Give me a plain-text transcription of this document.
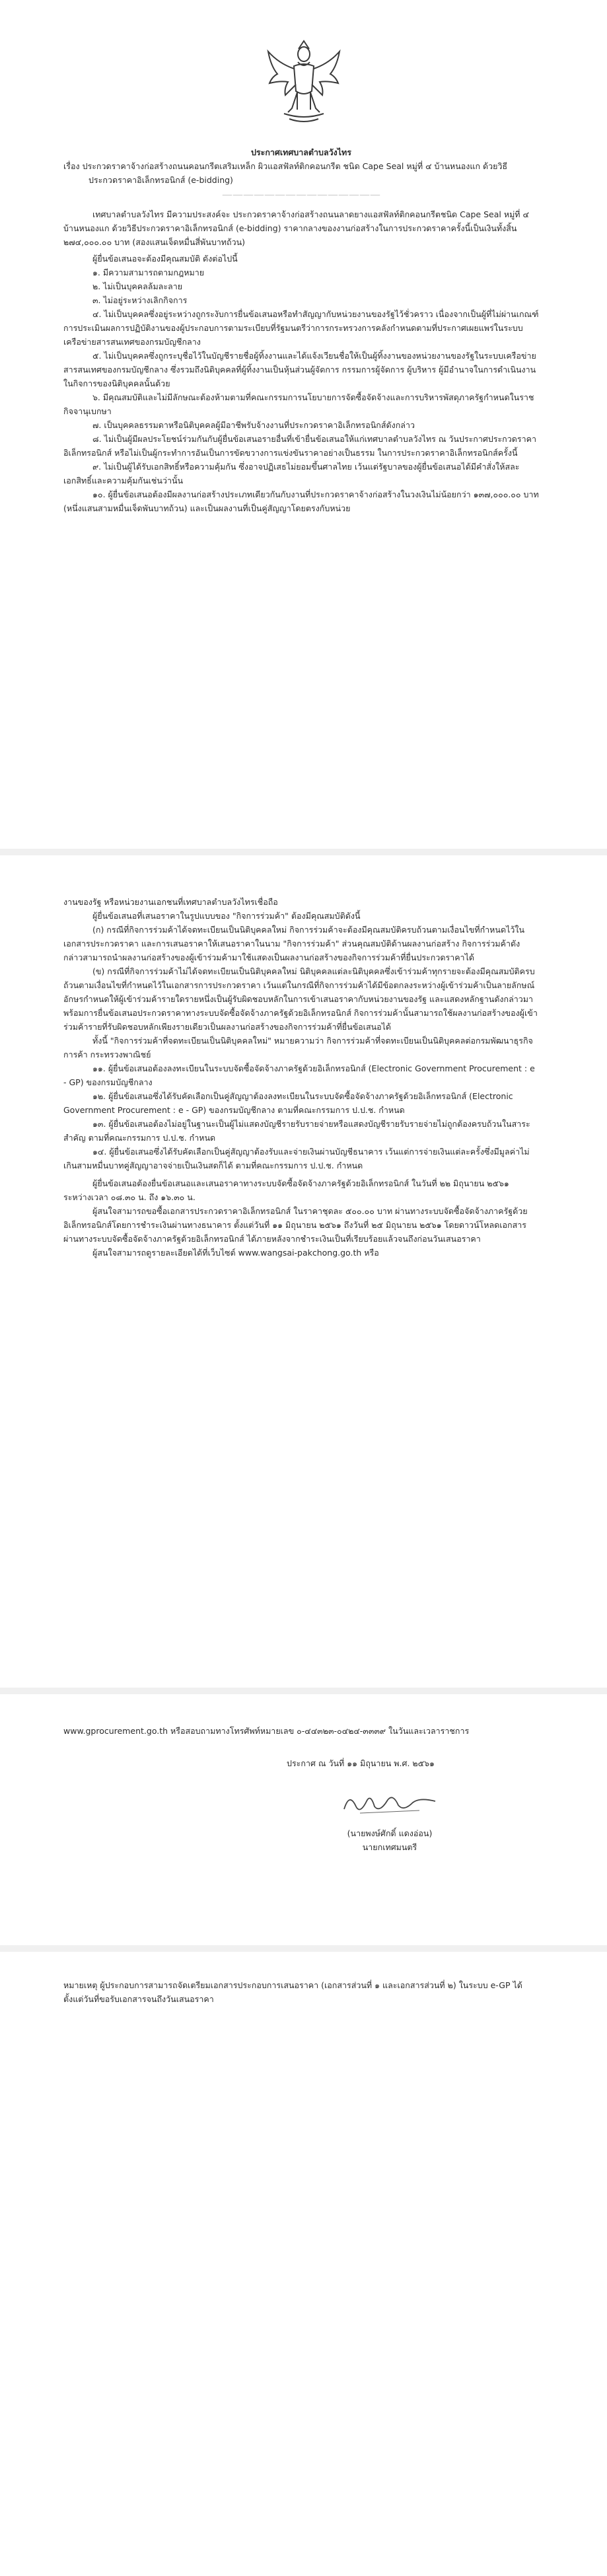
ประกาศเทศบาลตำบลวังไทร

เรื่อง ประกวดราคาจ้างก่อสร้างถนนคอนกรีตเสริมเหล็ก ผิวแอสฟัลท์ติกคอนกรีต ชนิด Cape Seal หมู่ที่ ๔ บ้านหนองแก ด้วยวิธี

ประกวดราคาอิเล็กทรอนิกส์ (e-bidding)

———————————————

เทศบาลตำบลวังไทร มีความประสงค์จะ ประกวดราคาจ้างก่อสร้างถนนลาดยางแอสฟัลท์ติกคอนกรีตชนิด Cape Seal หมู่ที่ ๔ บ้านหนองแก ด้วยวิธีประกวดราคาอิเล็กทรอนิกส์ (e-bidding) ราคากลางของงานก่อสร้างในการประกวดราคาครั้งนี้เป็นเงินทั้งสิ้น ๒๗๔,๐๐๐.๐๐ บาท (สองแสนเจ็ดหมื่นสี่พันบาทถ้วน)

ผู้ยื่นข้อเสนอจะต้องมีคุณสมบัติ ดังต่อไปนี้

๑. มีความสามารถตามกฎหมาย

๒. ไม่เป็นบุคคลล้มละลาย

๓. ไม่อยู่ระหว่างเลิกกิจการ

๔. ไม่เป็นบุคคลซึ่งอยู่ระหว่างถูกระงับการยื่นข้อเสนอหรือทำสัญญากับหน่วยงานของรัฐไว้ชั่วคราว เนื่องจากเป็นผู้ที่ไม่ผ่านเกณฑ์การประเมินผลการปฏิบัติงานของผู้ประกอบการตามระเบียบที่รัฐมนตรีว่าการกระทรวงการคลังกำหนดตามที่ประกาศเผยแพร่ในระบบเครือข่ายสารสนเทศของกรมบัญชีกลาง

๕. ไม่เป็นบุคคลซึ่งถูกระบุชื่อไว้ในบัญชีรายชื่อผู้ทิ้งงานและได้แจ้งเวียนชื่อให้เป็นผู้ทิ้งงานของหน่วยงานของรัฐในระบบเครือข่ายสารสนเทศของกรมบัญชีกลาง ซึ่งรวมถึงนิติบุคคลที่ผู้ทิ้งงานเป็นหุ้นส่วนผู้จัดการ กรรมการผู้จัดการ ผู้บริหาร ผู้มีอำนาจในการดำเนินงานในกิจการของนิติบุคคลนั้นด้วย

๖. มีคุณสมบัติและไม่มีลักษณะต้องห้ามตามที่คณะกรรมการนโยบายการจัดซื้อจัดจ้างและการบริหารพัสดุภาครัฐกำหนดในราชกิจจานุเบกษา

๗. เป็นบุคคลธรรมดาหรือนิติบุคคลผู้มีอาชีพรับจ้างงานที่ประกวดราคาอิเล็กทรอนิกส์ดังกล่าว

๘. ไม่เป็นผู้มีผลประโยชน์ร่วมกันกับผู้ยื่นข้อเสนอรายอื่นที่เข้ายื่นข้อเสนอให้แก่เทศบาลตำบลวังไทร ณ วันประกาศประกวดราคาอิเล็กทรอนิกส์ หรือไม่เป็นผู้กระทำการอันเป็นการขัดขวางการแข่งขันราคาอย่างเป็นธรรม ในการประกวดราคาอิเล็กทรอนิกส์ครั้งนี้

๙. ไม่เป็นผู้ได้รับเอกสิทธิ์หรือความคุ้มกัน ซึ่งอาจปฏิเสธไม่ยอมขึ้นศาลไทย เว้นแต่รัฐบาลของผู้ยื่นข้อเสนอได้มีคำสั่งให้สละเอกสิทธิ์และความคุ้มกันเช่นว่านั้น

๑๐. ผู้ยื่นข้อเสนอต้องมีผลงานก่อสร้างประเภทเดียวกันกับงานที่ประกวดราคาจ้างก่อสร้างในวงเงินไม่น้อยกว่า ๑๓๗,๐๐๐.๐๐ บาท (หนึ่งแสนสามหมื่นเจ็ดพันบาทถ้วน) และเป็นผลงานที่เป็นคู่สัญญาโดยตรงกับหน่วย

งานของรัฐ หรือหน่วยงานเอกชนที่เทศบาลตำบลวังไทรเชื่อถือ

ผู้ยื่นข้อเสนอที่เสนอราคาในรูปแบบของ "กิจการร่วมค้า" ต้องมีคุณสมบัติดังนี้

(ก) กรณีที่กิจการร่วมค้าได้จดทะเบียนเป็นนิติบุคคลใหม่ กิจการร่วมค้าจะต้องมีคุณสมบัติครบถ้วนตามเงื่อนไขที่กำหนดไว้ในเอกสารประกวดราคา และการเสนอราคาให้เสนอราคาในนาม "กิจการร่วมค้า" ส่วนคุณสมบัติด้านผลงานก่อสร้าง กิจการร่วมค้าดังกล่าวสามารถนำผลงานก่อสร้างของผู้เข้าร่วมค้ามาใช้แสดงเป็นผลงานก่อสร้างของกิจการร่วมค้าที่ยื่นประกวดราคาได้

(ข) กรณีที่กิจการร่วมค้าไม่ได้จดทะเบียนเป็นนิติบุคคลใหม่ นิติบุคคลแต่ละนิติบุคคลซึ่งเข้าร่วมค้าทุกรายจะต้องมีคุณสมบัติครบถ้วนตามเงื่อนไขที่กำหนดไว้ในเอกสารการประกวดราคา เว้นแต่ในกรณีที่กิจการร่วมค้าได้มีข้อตกลงระหว่างผู้เข้าร่วมค้าเป็นลายลักษณ์อักษรกำหนดให้ผู้เข้าร่วมค้ารายใดรายหนึ่งเป็นผู้รับผิดชอบหลักในการเข้าเสนอราคากับหน่วยงานของรัฐ และแสดงหลักฐานดังกล่าวมาพร้อมการยื่นข้อเสนอประกวดราคาทางระบบจัดซื้อจัดจ้างภาครัฐด้วยอิเล็กทรอนิกส์ กิจการร่วมค้านั้นสามารถใช้ผลงานก่อสร้างของผู้เข้าร่วมค้ารายที่รับผิดชอบหลักเพียงรายเดียวเป็นผลงานก่อสร้างของกิจการร่วมค้าที่ยื่นข้อเสนอได้

ทั้งนี้ "กิจการร่วมค้าที่จดทะเบียนเป็นนิติบุคคลใหม่" หมายความว่า กิจการร่วมค้าที่จดทะเบียนเป็นนิติบุคคลต่อกรมพัฒนาธุรกิจการค้า กระทรวงพาณิชย์

๑๑. ผู้ยื่นข้อเสนอต้องลงทะเบียนในระบบจัดซื้อจัดจ้างภาครัฐด้วยอิเล็กทรอนิกส์ (Electronic Government Procurement : e - GP) ของกรมบัญชีกลาง

๑๒. ผู้ยื่นข้อเสนอซึ่งได้รับคัดเลือกเป็นคู่สัญญาต้องลงทะเบียนในระบบจัดซื้อจัดจ้างภาครัฐด้วยอิเล็กทรอนิกส์ (Electronic Government Procurement : e - GP) ของกรมบัญชีกลาง ตามที่คณะกรรมการ ป.ป.ช. กำหนด

๑๓. ผู้ยื่นข้อเสนอต้องไม่อยู่ในฐานะเป็นผู้ไม่แสดงบัญชีรายรับรายจ่ายหรือแสดงบัญชีรายรับรายจ่ายไม่ถูกต้องครบถ้วนในสาระสำคัญ ตามที่คณะกรรมการ ป.ป.ช. กำหนด

๑๔. ผู้ยื่นข้อเสนอซึ่งได้รับคัดเลือกเป็นคู่สัญญาต้องรับและจ่ายเงินผ่านบัญชีธนาคาร เว้นแต่การจ่ายเงินแต่ละครั้งซึ่งมีมูลค่าไม่เกินสามหมื่นบาทคู่สัญญาอาจจ่ายเป็นเงินสดก็ได้ ตามที่คณะกรรมการ ป.ป.ช. กำหนด

ผู้ยื่นข้อเสนอต้องยื่นข้อเสนอและเสนอราคาทางระบบจัดซื้อจัดจ้างภาครัฐด้วยอิเล็กทรอนิกส์ ในวันที่ ๒๒ มิถุนายน ๒๕๖๑ ระหว่างเวลา ๐๘.๓๐ น. ถึง ๑๖.๓๐ น.

ผู้สนใจสามารถขอซื้อเอกสารประกวดราคาอิเล็กทรอนิกส์ ในราคาชุดละ ๕๐๐.๐๐ บาท ผ่านทางระบบจัดซื้อจัดจ้างภาครัฐด้วยอิเล็กทรอนิกส์โดยการชำระเงินผ่านทางธนาคาร ตั้งแต่วันที่ ๑๑ มิถุนายน ๒๕๖๑ ถึงวันที่ ๒๕ มิถุนายน ๒๕๖๑ โดยดาวน์โหลดเอกสารผ่านทางระบบจัดซื้อจัดจ้างภาครัฐด้วยอิเล็กทรอนิกส์ ได้ภายหลังจากชำระเงินเป็นที่เรียบร้อยแล้วจนถึงก่อนวันเสนอราคา

ผู้สนใจสามารถดูรายละเอียดได้ที่เว็บไซต์ www.wangsai-pakchong.go.th หรือ

www.gprocurement.go.th หรือสอบถามทางโทรศัพท์หมายเลข ๐-๔๔๓๒๓-๐๔๒๔-๓๓๓๙ ในวันและเวลาราชการ

ประกาศ ณ วันที่ ๑๑ มิถุนายน พ.ศ. ๒๕๖๑

(นายพงษ์ศักดิ์ แดงอ่อน)

นายกเทศมนตรี

หมายเหตุ ผู้ประกอบการสามารถจัดเตรียมเอกสารประกอบการเสนอราคา (เอกสารส่วนที่ ๑ และเอกสารส่วนที่ ๒) ในระบบ e-GP ได้ตั้งแต่วันที่ขอรับเอกสารจนถึงวันเสนอราคา
